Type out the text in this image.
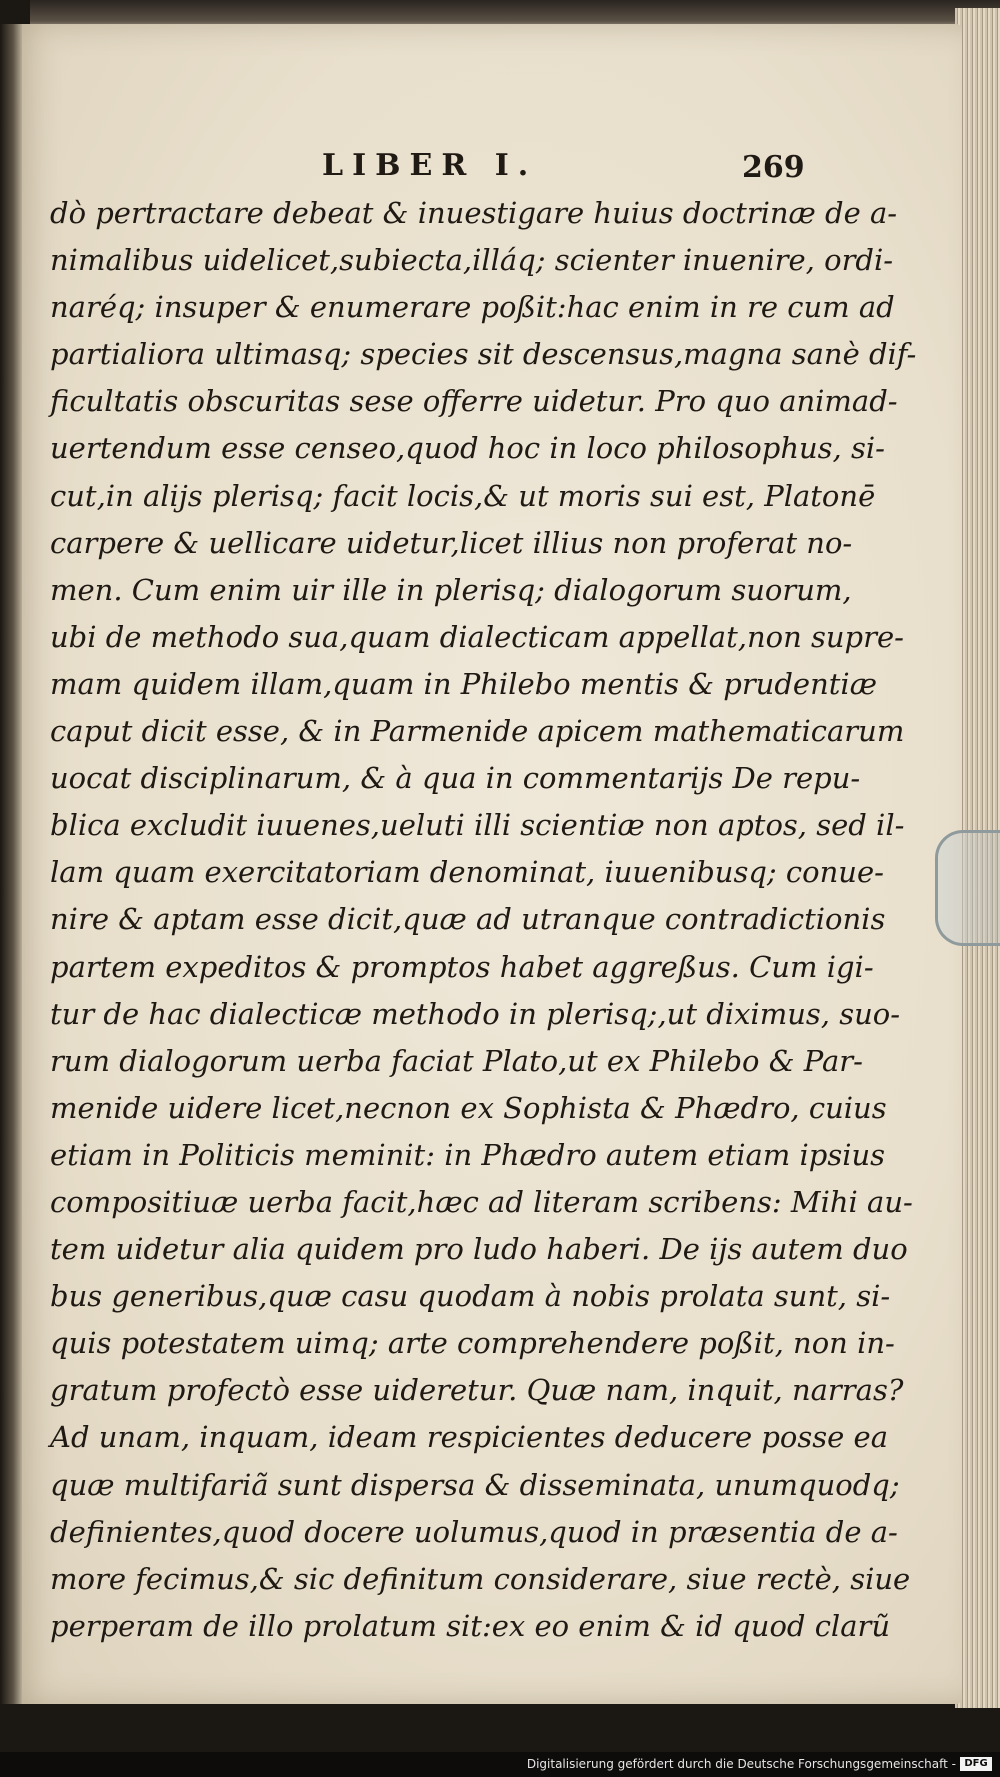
LIBER I.	269
dò pertractare debeat & inuestigare huius doctrinæ de a-
nimalibus uidelicet,subiecta,illáq; scienter inuenire, ordi-
naréq; insuper & enumerare poßit:hac enim in re cum ad
partialiora ultimasq; species sit descensus,magna sanè dif-
ficultatis obscuritas sese offerre uidetur. Pro quo animad-
uertendum esse censeo,quod hoc in loco philosophus, si-
cut,in alijs plerisq; facit locis,& ut moris sui est, Platonē
carpere & uellicare uidetur,licet illius non proferat no-
men. Cum enim uir ille in plerisq; dialogorum suorum,
ubi de methodo sua,quam dialecticam appellat,non supre-
mam quidem illam,quam in Philebo mentis & prudentiæ
caput dicit esse, & in Parmenide apicem mathematicarum
uocat disciplinarum, & à qua in commentarijs De repu-
blica excludit iuuenes,ueluti illi scientiæ non aptos, sed il-
lam quam exercitatoriam denominat, iuuenibusq; conue-
nire & aptam esse dicit,quæ ad utranque contradictionis
partem expeditos & promptos habet aggreßus. Cum igi-
tur de hac dialecticæ methodo in plerisq;,ut diximus, suo-
rum dialogorum uerba faciat Plato,ut ex Philebo & Par-
menide uidere licet,necnon ex Sophista & Phædro, cuius
etiam in Politicis meminit: in Phædro autem etiam ipsius
compositiuæ uerba facit,hæc ad literam scribens: Mihi au-
tem uidetur alia quidem pro ludo haberi. De ijs autem duo
bus generibus,quæ casu quodam à nobis prolata sunt, si-
quis potestatem uimq; arte comprehendere poßit, non in-
gratum profectò esse uideretur. Quæ nam, inquit, narras?
Ad unam, inquam, ideam respicientes deducere posse ea
quæ multifariã sunt dispersa & disseminata, unumquodq;
definientes,quod docere uolumus,quod in præsentia de a-
more fecimus,& sic definitum considerare, siue rectè, siue
perperam de illo prolatum sit:ex eo enim & id quod clarũ
Digitalisierung gefördert durch die Deutsche Forschungsgemeinschaft - DFG
